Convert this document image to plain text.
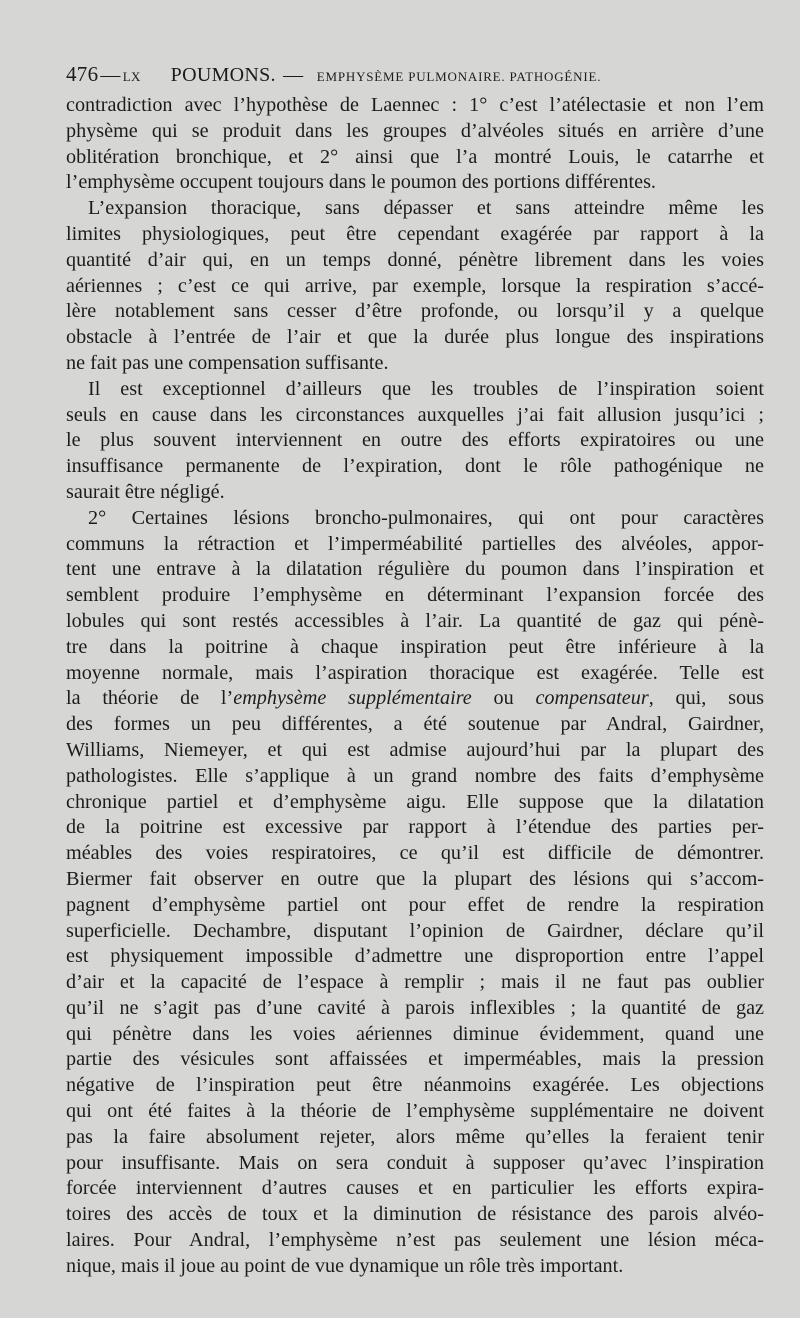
476 — LX POUMONS. — EMPHYSÈME PULMONAIRE. PATHOGÉNIE.

contradiction avec l’hypothèse de Laennec : 1° c’est l’atélectasie et non l’em
physème qui se produit dans les groupes d’alvéoles situés en arrière d’une
oblitération bronchique, et 2° ainsi que l’a montré Louis, le catarrhe et
l’emphysème occupent toujours dans le poumon des portions différentes.

L’expansion thoracique, sans dépasser et sans atteindre même les
limites physiologiques, peut être cependant exagérée par rapport à la
quantité d’air qui, en un temps donné, pénètre librement dans les voies
aériennes ; c’est ce qui arrive, par exemple, lorsque la respiration s’accé-
lère notablement sans cesser d’être profonde, ou lorsqu’il y a quelque
obstacle à l’entrée de l’air et que la durée plus longue des inspirations
ne fait pas une compensation suffisante.

Il est exceptionnel d’ailleurs que les troubles de l’inspiration soient
seuls en cause dans les circonstances auxquelles j’ai fait allusion jusqu’ici ;
le plus souvent interviennent en outre des efforts expiratoires ou une
insuffisance permanente de l’expiration, dont le rôle pathogénique ne
saurait être négligé.

2° Certaines lésions broncho-pulmonaires, qui ont pour caractères
communs la rétraction et l’imperméabilité partielles des alvéoles, appor-
tent une entrave à la dilatation régulière du poumon dans l’inspiration et
semblent produire l’emphysème en déterminant l’expansion forcée des
lobules qui sont restés accessibles à l’air. La quantité de gaz qui pénè-
tre dans la poitrine à chaque inspiration peut être inférieure à la
moyenne normale, mais l’aspiration thoracique est exagérée. Telle est
la théorie de l’emphysème supplémentaire ou compensateur, qui, sous
des formes un peu différentes, a été soutenue par Andral, Gairdner,
Williams, Niemeyer, et qui est admise aujourd’hui par la plupart des
pathologistes. Elle s’applique à un grand nombre des faits d’emphysème
chronique partiel et d’emphysème aigu. Elle suppose que la dilatation
de la poitrine est excessive par rapport à l’étendue des parties per-
méables des voies respiratoires, ce qu’il est difficile de démontrer.
Biermer fait observer en outre que la plupart des lésions qui s’accom-
pagnent d’emphysème partiel ont pour effet de rendre la respiration
superficielle. Dechambre, disputant l’opinion de Gairdner, déclare qu’il
est physiquement impossible d’admettre une disproportion entre l’appel
d’air et la capacité de l’espace à remplir ; mais il ne faut pas oublier
qu’il ne s’agit pas d’une cavité à parois inflexibles ; la quantité de gaz
qui pénètre dans les voies aériennes diminue évidemment, quand une
partie des vésicules sont affaissées et imperméables, mais la pression
négative de l’inspiration peut être néanmoins exagérée. Les objections
qui ont été faites à la théorie de l’emphysème supplémentaire ne doivent
pas la faire absolument rejeter, alors même qu’elles la feraient tenir
pour insuffisante. Mais on sera conduit à supposer qu’avec l’inspiration
forcée interviennent d’autres causes et en particulier les efforts expira-
toires des accès de toux et la diminution de résistance des parois alvéo-
laires. Pour Andral, l’emphysème n’est pas seulement une lésion méca-
nique, mais il joue au point de vue dynamique un rôle très important.
